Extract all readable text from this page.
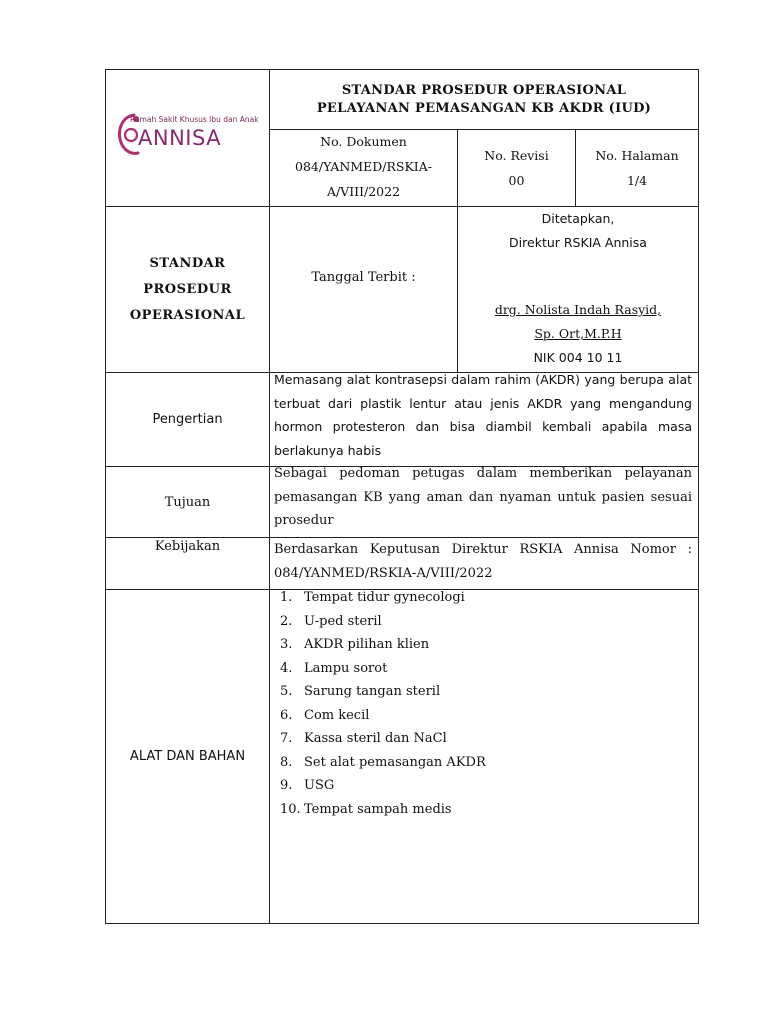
Rumah Sakit Khusus Ibu dan Anak
ANNISA
STANDAR PROSEDUR OPERASIONAL
PELAYANAN PEMASANGAN KB AKDR (IUD)
No. Dokumen
084/YANMED/RSKIA-
A/VIII/2022
No. Revisi
00
No. Halaman
1/4
STANDAR
PROSEDUR
OPERASIONAL
Tanggal Terbit :
Ditetapkan,
Direktur RSKIA Annisa
drg. Nolista Indah Rasyid,
Sp. Ort,M.P.H
NIK 004 10 11
Pengertian
Memasang alat kontrasepsi dalam rahim (AKDR) yang berupa alat terbuat dari plastik lentur atau jenis AKDR yang mengandung hormon protesteron dan bisa diambil kembali apabila masa berlakunya habis
Tujuan
Sebagai pedoman petugas dalam memberikan pelayanan pemasangan KB yang aman dan nyaman untuk pasien sesuai prosedur
Kebijakan	Berdasarkan Keputusan Direktur RSKIA Annisa Nomor : 084/YANMED/RSKIA-A/VIII/2022
ALAT DAN BAHAN
1. Tempat tidur gynecologi
2. U-ped steril
3. AKDR pilihan klien
4. Lampu sorot
5. Sarung tangan steril
6. Com kecil
7. Kassa steril dan NaCl
8. Set alat pemasangan AKDR
9. USG
10. Tempat sampah medis
